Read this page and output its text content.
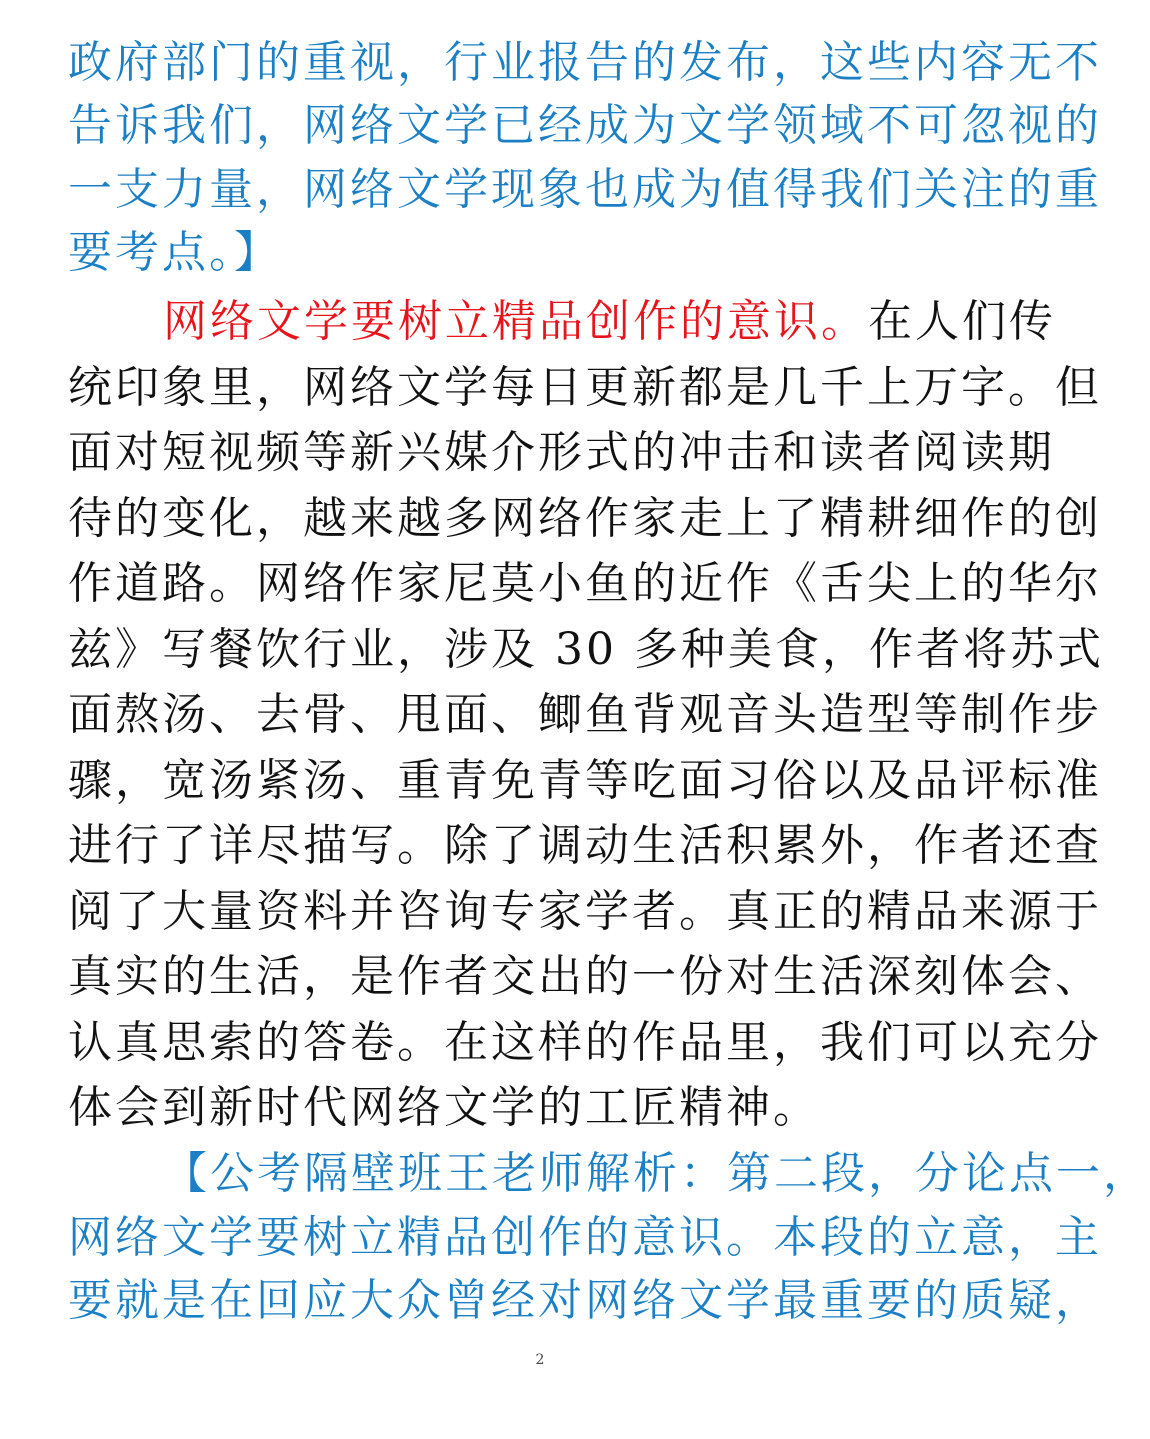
政府部门的重视，行业报告的发布，这些内容无不
告诉我们，网络文学已经成为文学领域不可忽视的
一支力量，网络文学现象也成为值得我们关注的重
要考点。】
网络文学要树立精品创作的意识。在人们传
统印象里，网络文学每日更新都是几千上万字。但
面对短视频等新兴媒介形式的冲击和读者阅读期
待的变化，越来越多网络作家走上了精耕细作的创
作道路。网络作家尼莫小鱼的近作《舌尖上的华尔
兹》写餐饮行业，涉及 30 多种美食，作者将苏式
面熬汤、去骨、甩面、鲫鱼背观音头造型等制作步
骤，宽汤紧汤、重青免青等吃面习俗以及品评标准
进行了详尽描写。除了调动生活积累外，作者还查
阅了大量资料并咨询专家学者。真正的精品来源于
真实的生活，是作者交出的一份对生活深刻体会、
认真思索的答卷。在这样的作品里，我们可以充分
体会到新时代网络文学的工匠精神。
【公考隔壁班王老师解析：第二段，分论点一，
网络文学要树立精品创作的意识。本段的立意，主
要就是在回应大众曾经对网络文学最重要的质疑，
2
